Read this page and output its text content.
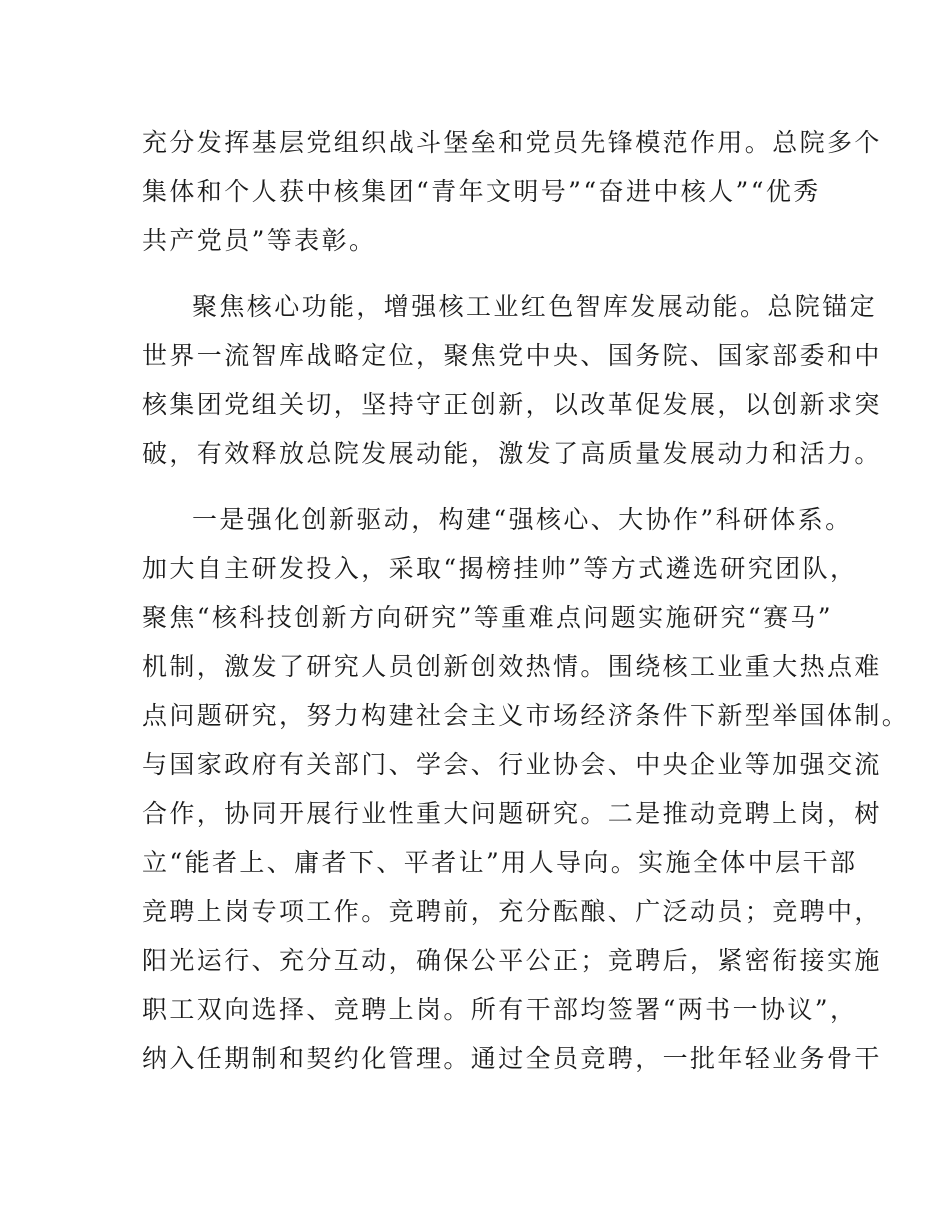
充分发挥基层党组织战斗堡垒和党员先锋模范作用。总院多个
集体和个人获中核集团“青年文明号”“奋进中核人”“优秀
共产党员”等表彰。
聚焦核心功能，增强核工业红色智库发展动能。总院锚定
世界一流智库战略定位，聚焦党中央、国务院、国家部委和中
核集团党组关切，坚持守正创新，以改革促发展，以创新求突
破，有效释放总院发展动能，激发了高质量发展动力和活力。
一是强化创新驱动，构建“强核心、大协作”科研体系。
加大自主研发投入，采取“揭榜挂帅”等方式遴选研究团队，
聚焦“核科技创新方向研究”等重难点问题实施研究“赛马”
机制，激发了研究人员创新创效热情。围绕核工业重大热点难
点问题研究，努力构建社会主义市场经济条件下新型举国体制。
与国家政府有关部门、学会、行业协会、中央企业等加强交流
合作，协同开展行业性重大问题研究。二是推动竞聘上岗，树
立“能者上、庸者下、平者让”用人导向。实施全体中层干部
竞聘上岗专项工作。竞聘前，充分酝酿、广泛动员；竞聘中，
阳光运行、充分互动，确保公平公正；竞聘后，紧密衔接实施
职工双向选择、竞聘上岗。所有干部均签署“两书一协议”，
纳入任期制和契约化管理。通过全员竞聘，一批年轻业务骨干
